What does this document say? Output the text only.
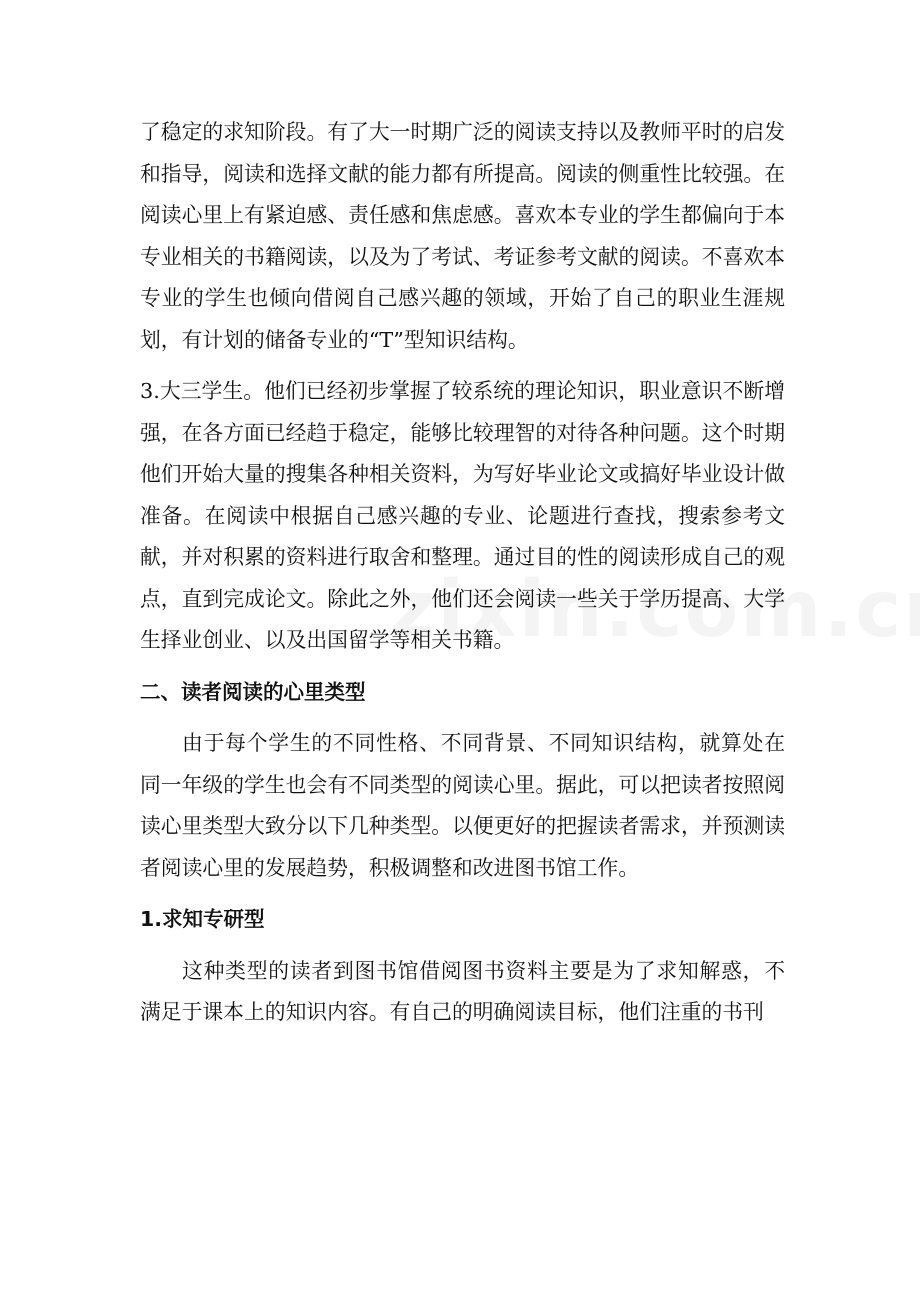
了稳定的求知阶段。有了大一时期广泛的阅读支持以及教师平时的启发和指导，阅读和选择文献的能力都有所提高。阅读的侧重性比较强。在阅读心里上有紧迫感、责任感和焦虑感。喜欢本专业的学生都偏向于本专业相关的书籍阅读，以及为了考试、考证参考文献的阅读。不喜欢本专业的学生也倾向借阅自己感兴趣的领域，开始了自己的职业生涯规划，有计划的储备专业的“T”型知识结构。

3.大三学生。他们已经初步掌握了较系统的理论知识，职业意识不断增强，在各方面已经趋于稳定，能够比较理智的对待各种问题。这个时期他们开始大量的搜集各种相关资料，为写好毕业论文或搞好毕业设计做准备。在阅读中根据自己感兴趣的专业、论题进行查找，搜索参考文献，并对积累的资料进行取舍和整理。通过目的性的阅读形成自己的观点，直到完成论文。除此之外，他们还会阅读一些关于学历提高、大学生择业创业、以及出国留学等相关书籍。

二、读者阅读的心里类型

由于每个学生的不同性格、不同背景、不同知识结构，就算处在同一年级的学生也会有不同类型的阅读心里。据此，可以把读者按照阅读心里类型大致分以下几种类型。以便更好的把握读者需求，并预测读者阅读心里的发展趋势，积极调整和改进图书馆工作。

1.求知专研型

这种类型的读者到图书馆借阅图书资料主要是为了求知解惑，不满足于课本上的知识内容。有自己的明确阅读目标，他们注重的书刊
